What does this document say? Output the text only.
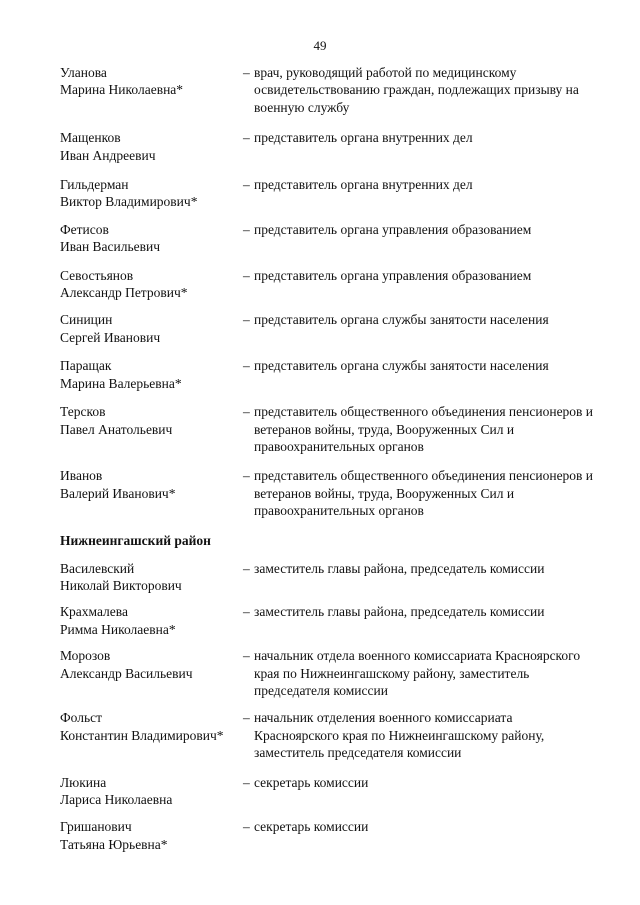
49
Уланова
Марина Николаевна*
– врач, руководящий работой по медицинскому освидетельствованию граждан, подлежащих призыву на военную службу
Мащенков
Иван Андреевич
– представитель органа внутренних дел
Гильдерман
Виктор Владимирович*
– представитель органа внутренних дел
Фетисов
Иван Васильевич
– представитель органа управления образованием
Севостьянов
Александр Петрович*
– представитель органа управления образованием
Синицин
Сергей Иванович
– представитель органа службы занятости населения
Паращак
Марина Валерьевна*
– представитель органа службы занятости населения
Терсков
Павел Анатольевич
– представитель общественного объединения пенсионеров и ветеранов войны, труда, Вооруженных Сил и правоохранительных органов
Иванов
Валерий Иванович*
– представитель общественного объединения пенсионеров и ветеранов войны, труда, Вооруженных Сил и правоохранительных органов
Нижнеингашский район
Василевский
Николай Викторович
– заместитель главы района, председатель комиссии
Крахмалева
Римма Николаевна*
– заместитель главы района, председатель комиссии
Морозов
Александр Васильевич
– начальник отдела военного комиссариата Красноярского края по Нижнеингашскому району, заместитель председателя комиссии
Фольст
Константин Владимирович*
– начальник отделения военного комиссариата Красноярского края по Нижнеингашскому району, заместитель председателя комиссии
Люкина
Лариса Николаевна
– секретарь комиссии
Гришанович
Татьяна Юрьевна*
– секретарь комиссии
